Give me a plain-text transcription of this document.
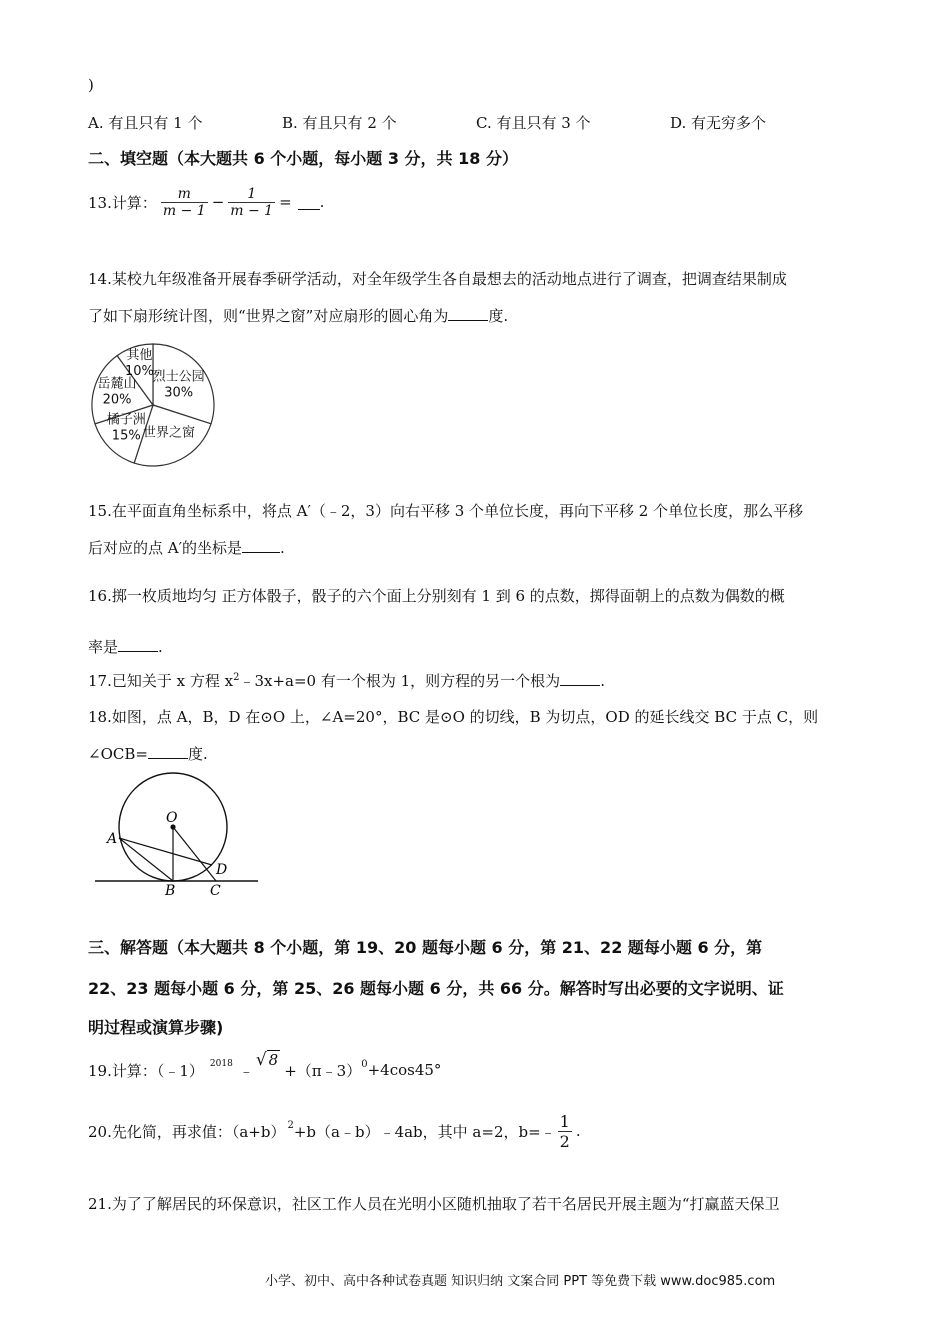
)
A. 有且只有 1 个	B. 有且只有 2 个	C. 有且只有 3 个	D. 有无穷多个
二、填空题（本大题共 6 个小题，每小题 3 分，共 18 分）
13.计算： $\frac{m}{m - 1} - \frac{1}{m - 1}$ = .
14.某校九年级准备开展春季研学活动，对全年级学生各自最想去的活动地点进行了调查，把调查结果制成
了如下扇形统计图，则“世界之窗”对应扇形的圆心角为	度.
烈士公园
30%
世界之窗
橘子洲
15%
岳麓山
20%
其他
10%
15.在平面直角坐标系中，将点 A′（﹣2，3）向右平移 3 个单位长度，再向下平移 2 个单位长度，那么平移
后对应的点 A′的坐标是	.
16.掷一枚质地均匀 正方体骰子，骰子的六个面上分别刻有 1 到 6 的点数，掷得面朝上的点数为偶数的概
率是	.
17.已知关于 x 方程 $x^2﹣3x+a=0$ 有一个根为 1，则方程的另一个根为	.
18.如图，点 A，B，D 在⊙O 上，∠A=20°，BC 是⊙O 的切线，B 为切点，OD 的延长线交 BC 于点 C，则
∠OCB=	度.
O
A
B C
D
三、解答题（本大题共 8 个小题，第 19、20 题每小题 6 分，第 21、22 题每小题 6 分，第
22、23 题每小题 6 分，第 25、26 题每小题 6 分，共 66 分。解答时写出必要的文字说明、证
明过程或演算步骤)
19.计算：（﹣1） 2018 ﹣
√ 8
+（π﹣3） 0 +4cos45°
20.先化简，再求值：（a+b） 2 +b（a﹣b）﹣4ab，其中 a=2，b=﹣ $\frac{1}{2}$ .
21.为了了解居民的环保意识，社区工作人员在光明小区随机抽取了若干名居民开展主题为“打赢蓝天保卫
小学、初中、高中各种试卷真题 知识归纳 文案合同 PPT 等免费下载 www.doc985.com
